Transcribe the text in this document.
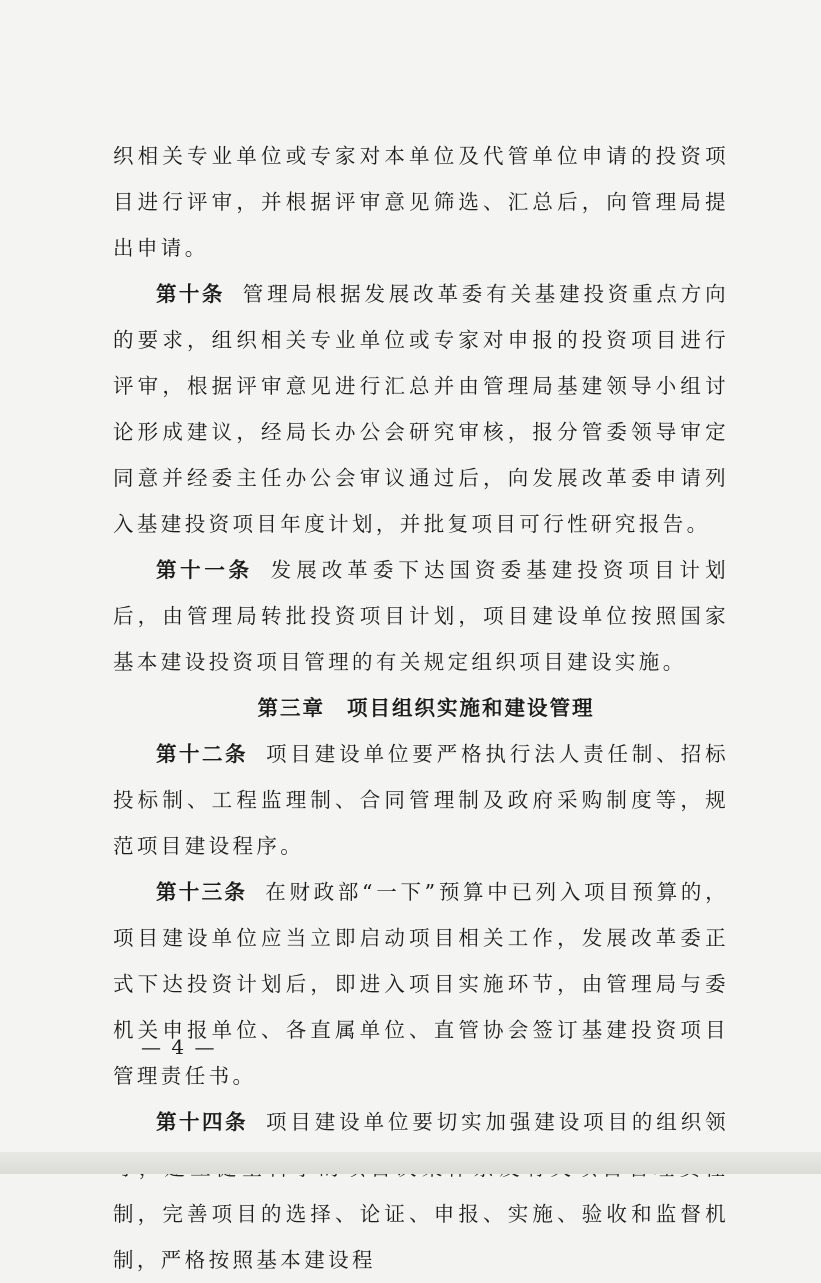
织相关专业单位或专家对本单位及代管单位申请的投资项目进行评审，并根据评审意见筛选、汇总后，向管理局提出申请。

第十条 管理局根据发展改革委有关基建投资重点方向的要求，组织相关专业单位或专家对申报的投资项目进行评审，根据评审意见进行汇总并由管理局基建领导小组讨论形成建议，经局长办公会研究审核，报分管委领导审定同意并经委主任办公会审议通过后，向发展改革委申请列入基建投资项目年度计划，并批复项目可行性研究报告。

第十一条 发展改革委下达国资委基建投资项目计划后，由管理局转批投资项目计划，项目建设单位按照国家基本建设投资项目管理的有关规定组织项目建设实施。

第三章 项目组织实施和建设管理

第十二条 项目建设单位要严格执行法人责任制、招标投标制、工程监理制、合同管理制及政府采购制度等，规范项目建设程序。

第十三条 在财政部“一下”预算中已列入项目预算的，项目建设单位应当立即启动项目相关工作，发展改革委正式下达投资计划后，即进入项目实施环节，由管理局与委机关申报单位、各直属单位、直管协会签订基建投资项目管理责任书。

第十四条 项目建设单位要切实加强建设项目的组织领 制，完善项目的选择、论证、申报、实施、验收和监督机制，严格按照基本建设程

— 4 —
